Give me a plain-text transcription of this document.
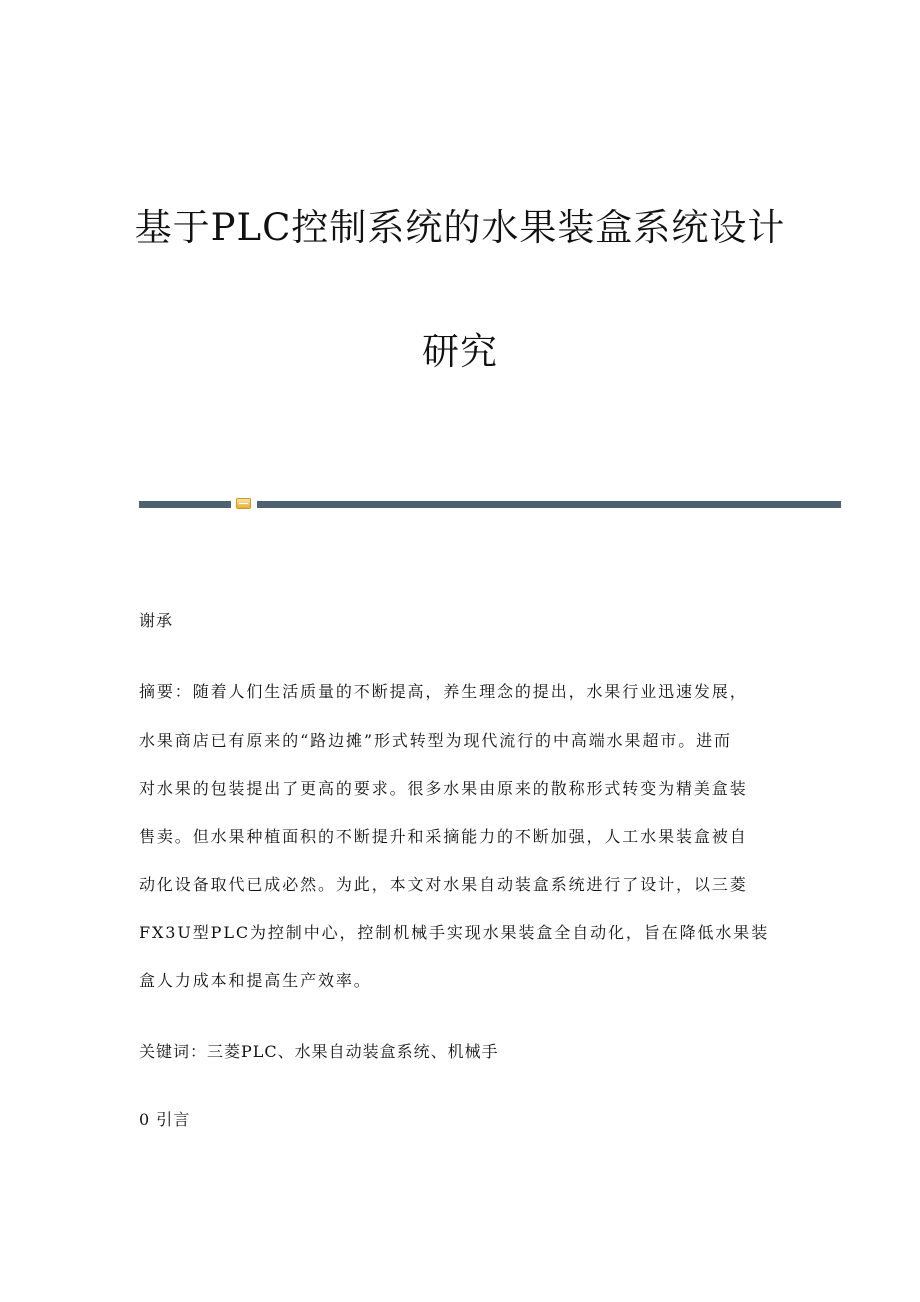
基于PLC控制系统的水果装盒系统设计
研究

谢承

摘要：随着人们生活质量的不断提高，养生理念的提出，水果行业迅速发展，

水果商店已有原来的“路边摊”形式转型为现代流行的中高端水果超市。进而

对水果的包装提出了更高的要求。很多水果由原来的散称形式转变为精美盒装

售卖。但水果种植面积的不断提升和采摘能力的不断加强，人工水果装盒被自

动化设备取代已成必然。为此，本文对水果自动装盒系统进行了设计，以三菱

FX3U型PLC为控制中心，控制机械手实现水果装盒全自动化，旨在降低水果装

盒人力成本和提高生产效率。

关键词：三菱PLC、水果自动装盒系统、机械手

0 引言
